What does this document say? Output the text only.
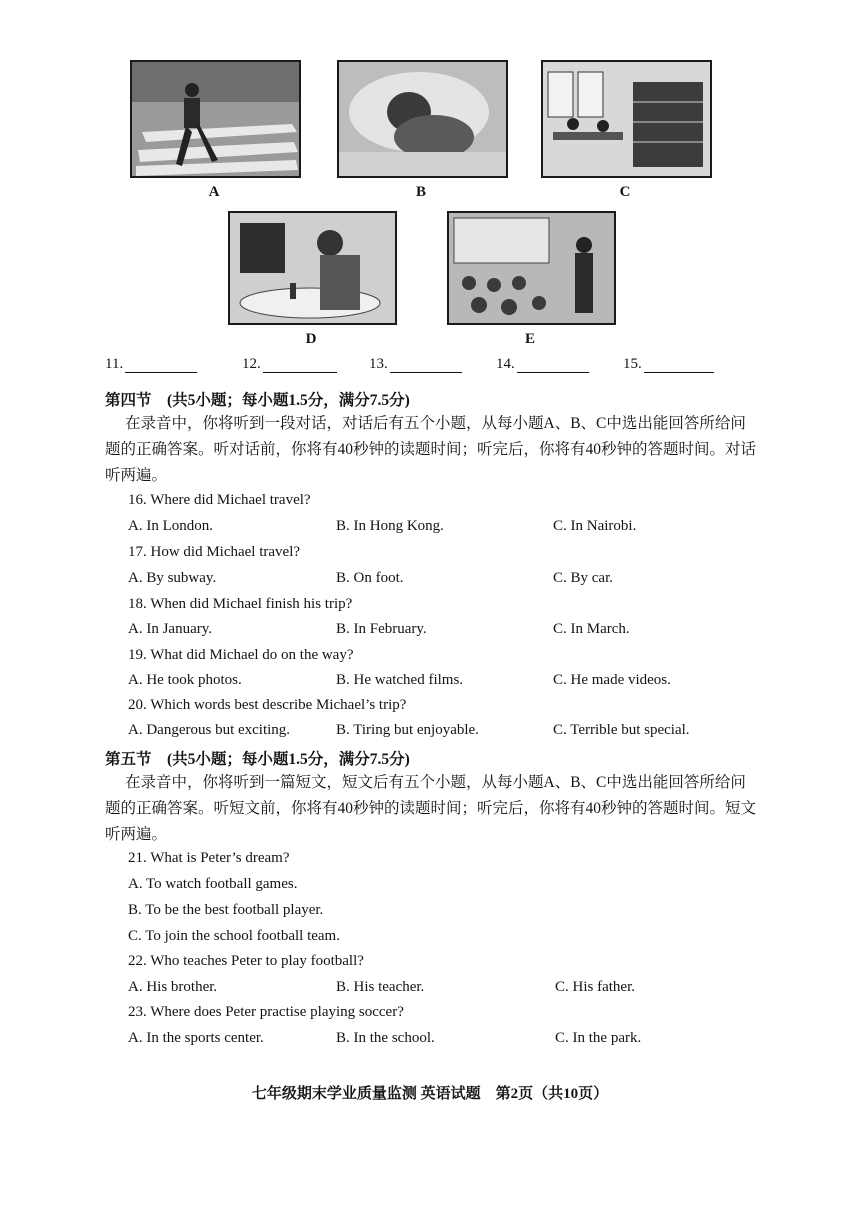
A	B	C
D	E
11.	12.	13.	14.	15.
第四节　(共5小题；每小题1.5分，满分7.5分)
在录音中，你将听到一段对话，对话后有五个小题，从每小题A、B、C中选出能回答所给问
题的正确答案。听对话前，你将有40秒钟的读题时间；听完后，你将有40秒钟的答题时间。对话
听两遍。
16. Where did Michael travel?
A. In London.	B. In Hong Kong.	C. In Nairobi.
17. How did Michael travel?
A. By subway.	B. On foot.	C. By car.
18. When did Michael finish his trip?
A. In January.	B. In February.	C. In March.
19. What did Michael do on the way?
A. He took photos.	B. He watched films.	C. He made videos.
20. Which words best describe Michael’s trip?
A. Dangerous but exciting.	B. Tiring but enjoyable.	C. Terrible but special.
第五节　(共5小题；每小题1.5分，满分7.5分)
在录音中，你将听到一篇短文，短文后有五个小题，从每小题A、B、C中选出能回答所给问
题的正确答案。听短文前，你将有40秒钟的读题时间；听完后，你将有40秒钟的答题时间。短文
听两遍。
21. What is Peter’s dream?
A. To watch football games.
B. To be the best football player.
C. To join the school football team.
22. Who teaches Peter to play football?
A. His brother.	B. His teacher.	C. His father.
23. Where does Peter practise playing soccer?
A. In the sports center.	B. In the school.	C. In the park.
七年级期末学业质量监测 英语试题　第2页（共10页）
